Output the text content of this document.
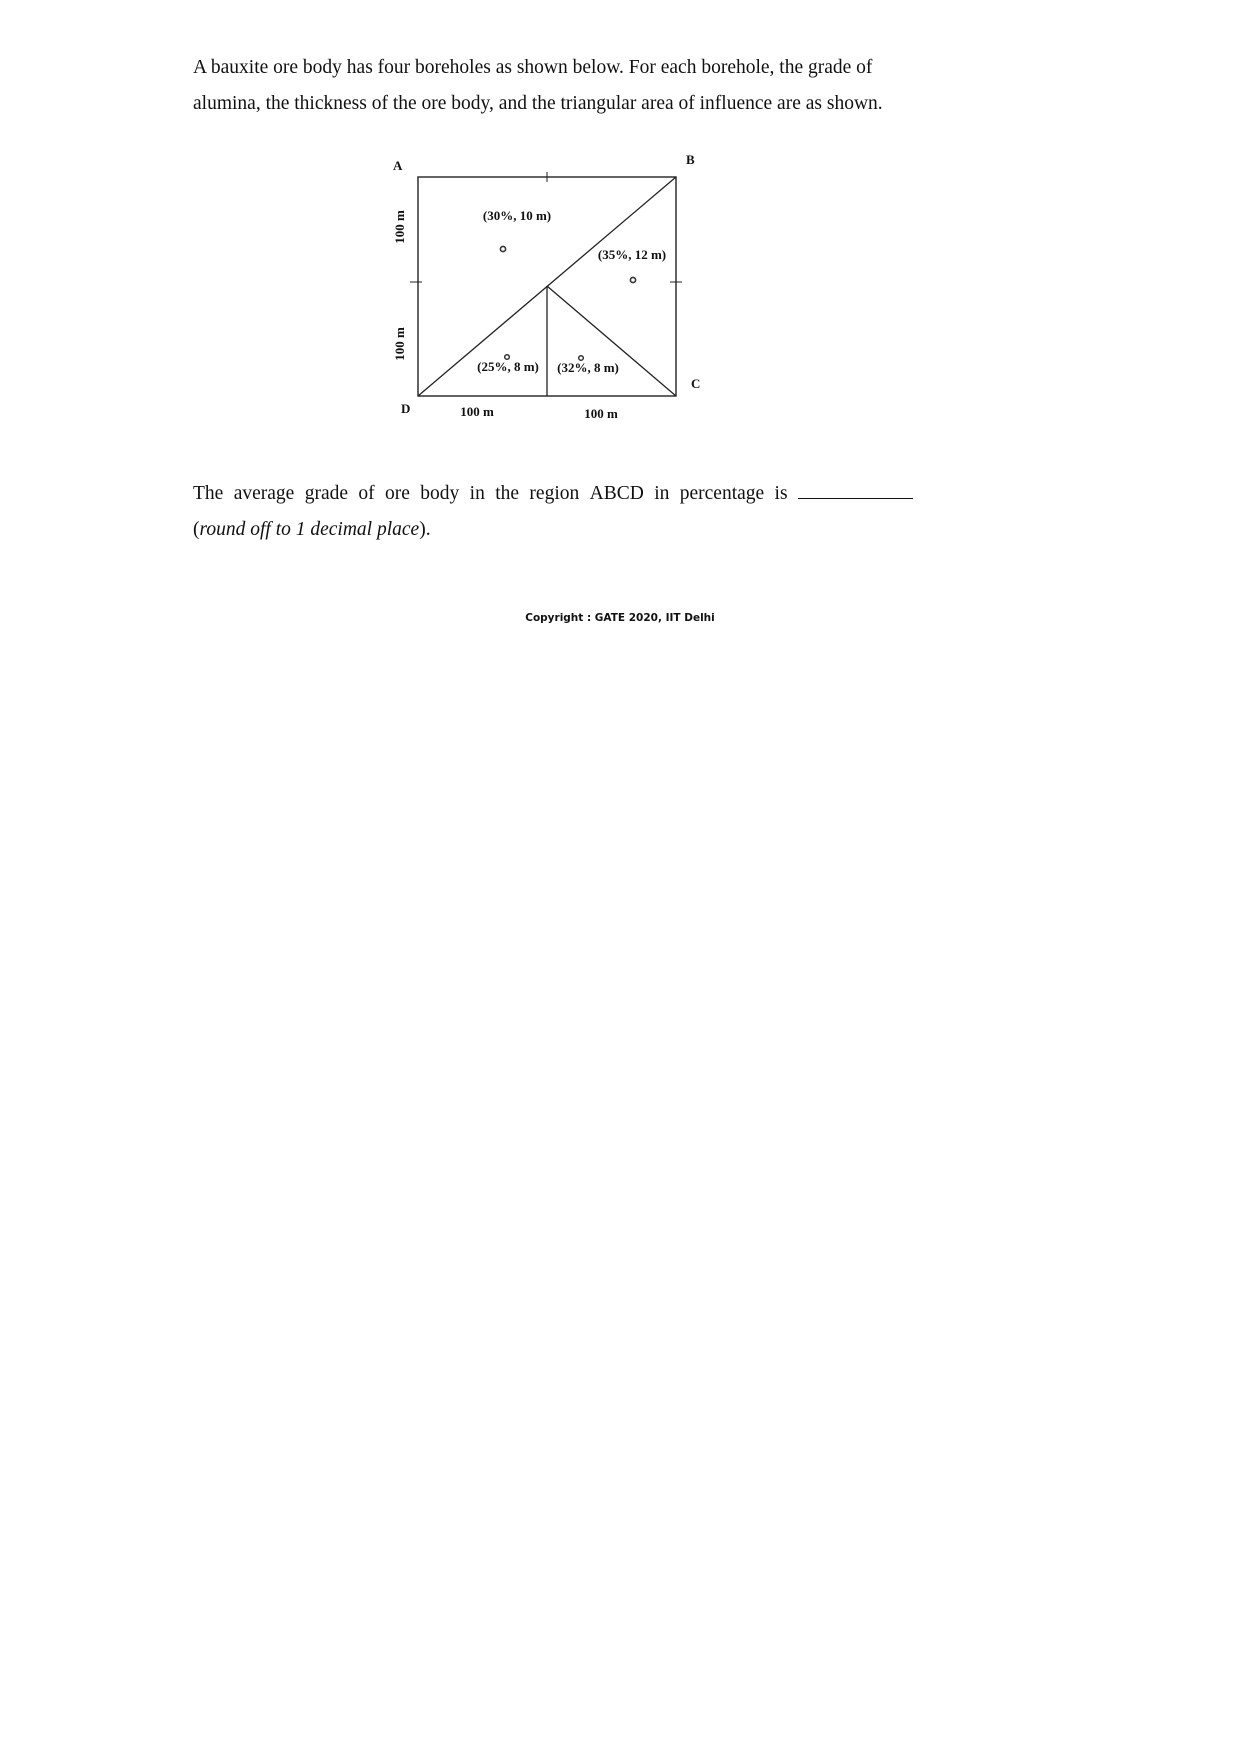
A bauxite ore body has four boreholes as shown below. For each borehole, the grade of
alumina, the thickness of the ore body, and the triangular area of influence are as shown.

A	B
C
D
100 m
100 m
100 m	100 m
(30%, 10 m)
(35%, 12 m)
(25%, 8 m) (32%, 8 m)
The average grade of ore body in the region ABCD in percentage is
(round off to 1 decimal place).
Copyright : GATE 2020, IIT Delhi
